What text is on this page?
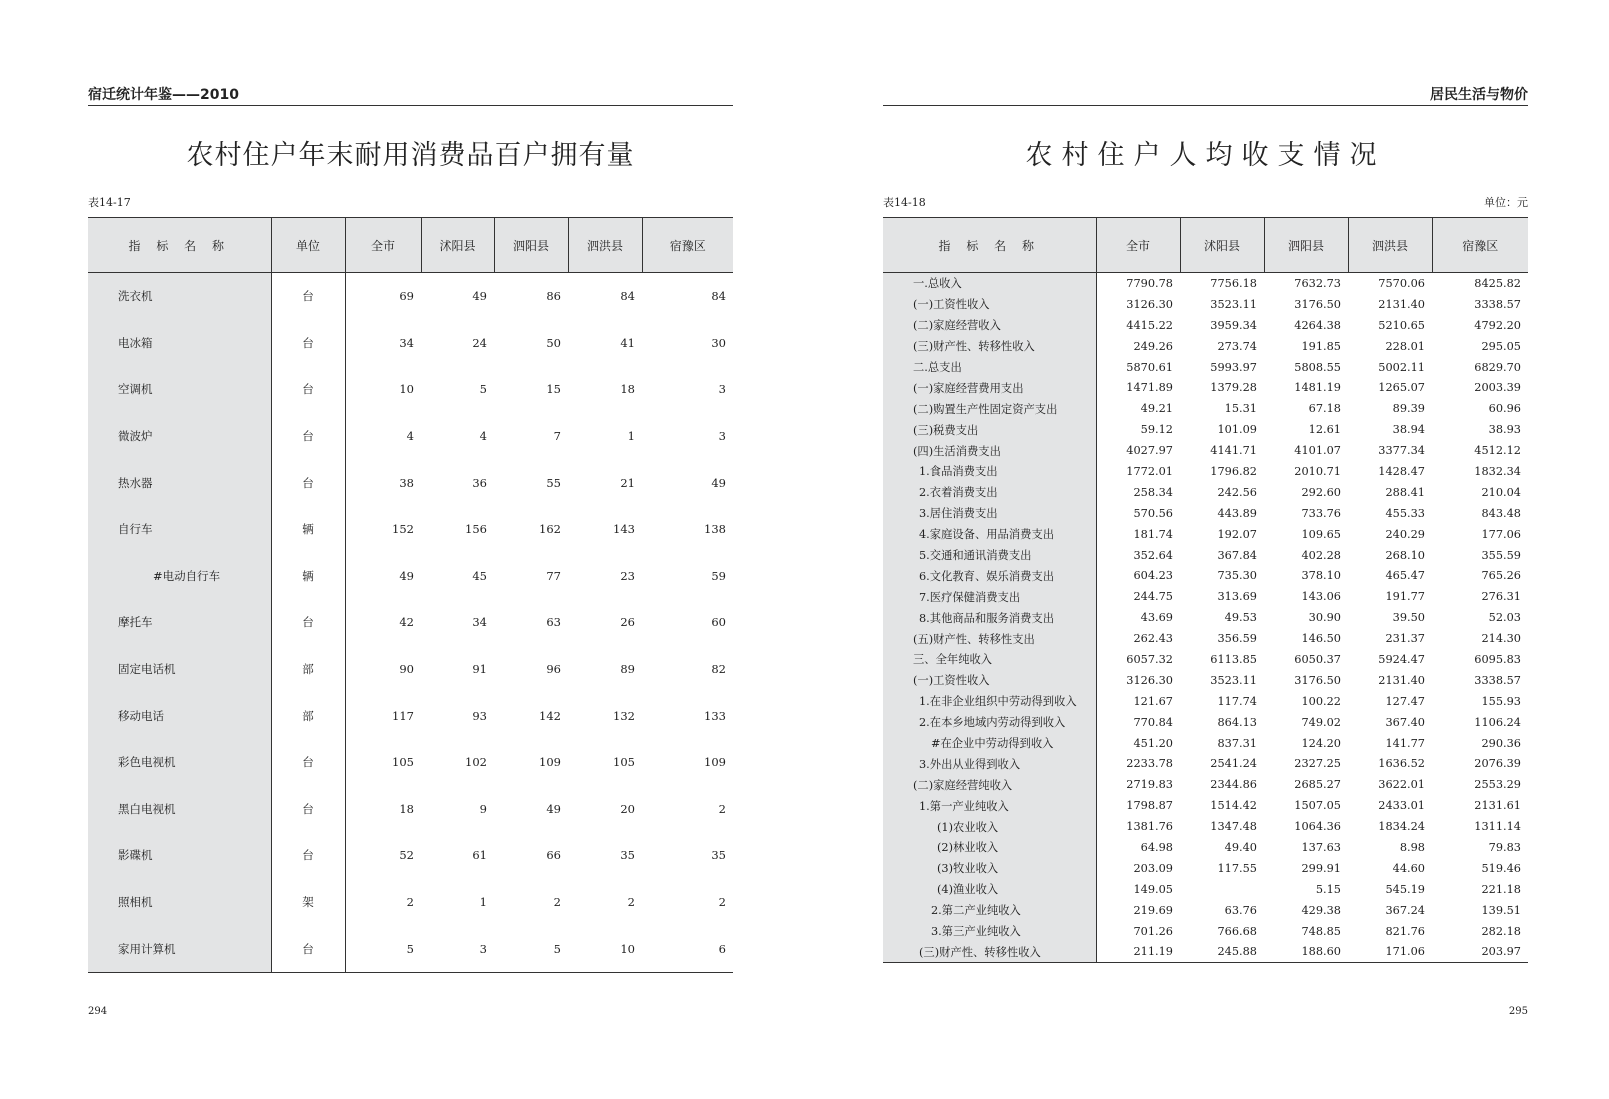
宿迁统计年鉴——2010
农村住户年末耐用消费品百户拥有量
表14-17
指 标 名 称	单位	全市	沭阳县	泗阳县	泗洪县	宿豫区
洗衣机	台	69	49	86	84	84
电冰箱	台	34	24	50	41	30
空调机	台	10	5	15	18	3
微波炉	台	4	4	7	1	3
热水器	台	38	36	55	21	49
自行车	辆	152	156	162	143	138
#电动自行车	辆	49	45	77	23	59
摩托车	台	42	34	63	26	60
固定电话机	部	90	91	96	89	82
移动电话	部	117	93	142	132	133
彩色电视机	台	105	102	109	105	109
黑白电视机	台	18	9	49	20	2
影碟机	台	52	61	66	35	35
照相机	架	2	1	2	2	2
家用计算机	台	5	3	5	10	6
294
居民生活与物价
农村住户人均收支情况
表14-18	单位：元
指 标 名 称	全市	沭阳县	泗阳县	泗洪县	宿豫区
一.总收入	7790.78	7756.18	7632.73	7570.06	8425.82
(一)工资性收入	3126.30	3523.11	3176.50	2131.40	3338.57
(二)家庭经营收入	4415.22	3959.34	4264.38	5210.65	4792.20
(三)财产性、转移性收入	249.26	273.74	191.85	228.01	295.05
二.总支出	5870.61	5993.97	5808.55	5002.11	6829.70
(一)家庭经营费用支出	1471.89	1379.28	1481.19	1265.07	2003.39
(二)购置生产性固定资产支出	49.21	15.31	67.18	89.39	60.96
(三)税费支出	59.12	101.09	12.61	38.94	38.93
(四)生活消费支出	4027.97	4141.71	4101.07	3377.34	4512.12
1.食品消费支出	1772.01	1796.82	2010.71	1428.47	1832.34
2.衣着消费支出	258.34	242.56	292.60	288.41	210.04
3.居住消费支出	570.56	443.89	733.76	455.33	843.48
4.家庭设备、用品消费支出	181.74	192.07	109.65	240.29	177.06
5.交通和通讯消费支出	352.64	367.84	402.28	268.10	355.59
6.文化教育、娱乐消费支出	604.23	735.30	378.10	465.47	765.26
7.医疗保健消费支出	244.75	313.69	143.06	191.77	276.31
8.其他商品和服务消费支出	43.69	49.53	30.90	39.50	52.03
(五)财产性、转移性支出	262.43	356.59	146.50	231.37	214.30
三、全年纯收入	6057.32	6113.85	6050.37	5924.47	6095.83
(一)工资性收入	3126.30	3523.11	3176.50	2131.40	3338.57
1.在非企业组织中劳动得到收入	121.67	117.74	100.22	127.47	155.93
2.在本乡地域内劳动得到收入	770.84	864.13	749.02	367.40	1106.24
#在企业中劳动得到收入	451.20	837.31	124.20	141.77	290.36
3.外出从业得到收入	2233.78	2541.24	2327.25	1636.52	2076.39
(二)家庭经营纯收入	2719.83	2344.86	2685.27	3622.01	2553.29
1.第一产业纯收入	1798.87	1514.42	1507.05	2433.01	2131.61
(1)农业收入	1381.76	1347.48	1064.36	1834.24	1311.14
(2)林业收入	64.98	49.40	137.63	8.98	79.83
(3)牧业收入	203.09	117.55	299.91	44.60	519.46
(4)渔业收入	149.05		5.15	545.19	221.18
2.第二产业纯收入	219.69	63.76	429.38	367.24	139.51
3.第三产业纯收入	701.26	766.68	748.85	821.76	282.18
(三)财产性、转移性收入	211.19	245.88	188.60	171.06	203.97
295
